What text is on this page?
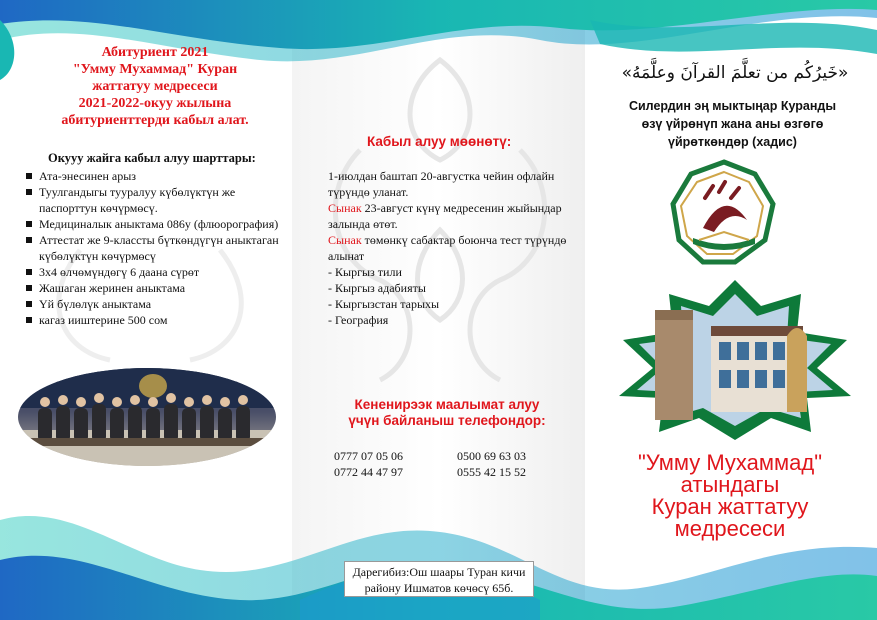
Абитуриент 2021
"Умму Мухаммад" Куран
жаттатуу медресеси
2021-2022-окуу жылына
абитуриенттерди кабыл алат.
Окууу жайга кабыл алуу шарттары:
Ата-энесинен арыз
Туулгандыгы тууралуу күбөлүктүн же паспорттун көчүрмөсү.
Медициналык аныктама 086у (флюорография)
Аттестат же 9-классты бүткөндүгүн аныктаган күбөлүктүн көчүрмөсү
3х4 өлчөмүндөгү 6 даана сүрөт
Жашаган жеринен аныктама
Үй бүлөлүк аныктама
кагаз ииштерине 500 сом
Кабыл алуу мөөнөтү:

1-июлдан баштап 20-августка чейин офлайн түрүндө уланат.

Сынак 23-август күнү медресенин жыйындар залында өтөт.

Сынак төмөнкү сабактар боюнча тест түрүндө алынат

- Кыргыз тили

- Кыргыз адабияты

- Кыргызстан тарыхы

- География

Кененирээк маалымат алуу
үчүн байланыш телефондор:
0777 07 05 06
0772 44 47 97
0500 69 63 03
0555 42 15 52
Дарегибиз:Ош шаары Туран кичи
району Ишматов көчөсү 65б.
«خَيرُكُم من تعلَّمَ القرآنَ وعلَّمَهُ»
Силердин эң мыктыңар Куранды
өзү үйрөнүп жана аны өзгөгө
үйрөткөндөр (хадис)
"Умму Мухаммад"
атындагы
Куран жаттатуу
медресеси
